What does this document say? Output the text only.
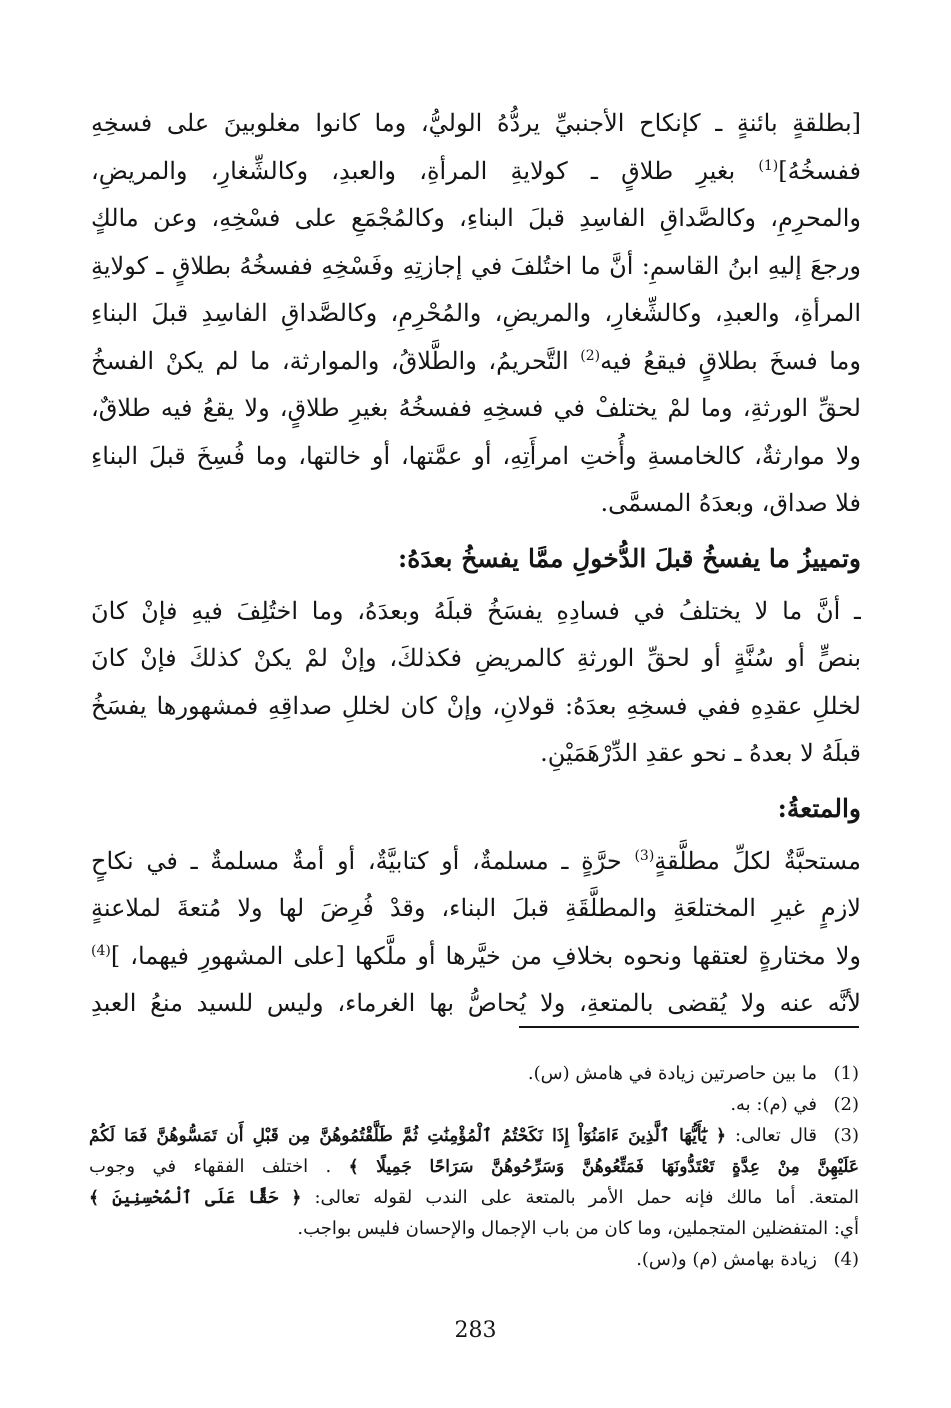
[بطلقةٍ بائنةٍ ـ كإنكاح الأجنبيِّ يردُّهُ الوليُّ، وما كانوا مغلوبينَ على فسخِهِ
ففسخُهُ]$^{(1)}$ بغيرِ طلاقٍ ـ كولايةِ المرأةِ، والعبدِ، وكالشِّغارِ، والمريضِ،
والمحرِمِ، وكالصَّداقِ الفاسِدِ قبلَ البناءِ، وكالمُجْمَعِ على فسْخِهِ، وعن مالكٍ
ورجعَ إليهِ ابنُ القاسمِ: أنَّ ما اختُلفَ في إجازتِهِ وفَسْخِهِ ففسخُهُ بطلاقٍ ـ كولايةِ
المرأةِ، والعبدِ، وكالشِّغارِ، والمريضِ، والمُحْرِمِ، وكالصَّداقِ الفاسِدِ قبلَ البناءِ
وما فسخَ بطلاقٍ فيقعُ فيه$^{(2)}$ التَّحريمُ، والطَّلاقُ، والموارثة، ما لم يكنْ الفسخُ
لحقِّ الورثةِ، وما لمْ يختلفْ في فسخِهِ ففسخُهُ بغيرِ طلاقٍ، ولا يقعُ فيه طلاقٌ،
ولا موارثةٌ، كالخامسةِ وأُختِ امرأَتِهِ، أو عمَّتها، أو خالتها، وما فُسِخَ قبلَ البناءِ
فلا صداق، وبعدَهُ المسمَّى.
وتمييزُ ما يفسخُ قبلَ الدُّخولِ ممَّا يفسخُ بعدَهُ:
ـ أنَّ ما لا يختلفُ في فسادِهِ يفسَخُ قبلَهُ وبعدَهُ، وما اختُلِفَ فيهِ فإنْ كانَ
بنصٍّ أو سُنَّةٍ أو لحقِّ الورثةِ كالمريضِ فكذلكَ، وإنْ لمْ يكنْ كذلكَ فإنْ كانَ
لخللِ عقدِهِ ففي فسخِهِ بعدَهُ: قولانِ، وإنْ كان لخللِ صداقِهِ فمشهورها يفسَخُ
قبلَهُ لا بعدهُ ـ نحو عقدِ الدِّرْهَمَيْنِ.
والمتعةُ:
مستحبَّةٌ لكلِّ مطلَّقةٍ$^{(3)}$ حرَّةٍ ـ مسلمةٌ، أو كتابيَّةٌ، أو أمةٌ مسلمةٌ ـ في نكاحٍ
لازمٍ غيرِ المختلعَةِ والمطلَّقَةِ قبلَ البناء، وقدْ فُرِضَ لها ولا مُتعةَ لملاعنةٍ
ولا مختارةٍ لعتقها ونحوه بخلافِ من خيَّرها أو ملَّكها [على المشهورِ فيهما، ]$^{(4)}$
لأنَّه عنه ولا يُقضى بالمتعةِ، ولا يُحاصُّ بها الغرماء، وليس للسيد منعُ العبدِ
(1)
ما بين حاصرتين زيادة في هامش (س).
(2)
في (م): به.
(3)
قال تعالى: ﴿ يَٰٓأَيُّهَا ٱلَّذِينَ ءَامَنُوٓاْ إِذَا نَكَحْتُمُ ٱلْمُؤْمِنَٰتِ ثُمَّ طَلَّقْتُمُوهُنَّ مِن قَبْلِ أَن تَمَسُّوهُنَّ فَمَا لَكُمْ
عَلَيْهِنَّ مِنْ عِدَّةٍ تَعْتَدُّونَهَا فَمَتِّعُوهُنَّ وَسَرِّحُوهُنَّ سَرَاحًا جَمِيلًا ﴾ . اختلف الفقهاء في وجوب
المتعة. أما مالك فإنه حمل الأمر بالمتعة على الندب لقوله تعالى: ﴿ حَقًّا عَلَى ٱلْمُحْسِنِينَ ﴾
أي: المتفضلين المتجملين، وما كان من باب الإجمال والإحسان فليس بواجب.
(4)
زيادة بهامش (م) و(س).
283
